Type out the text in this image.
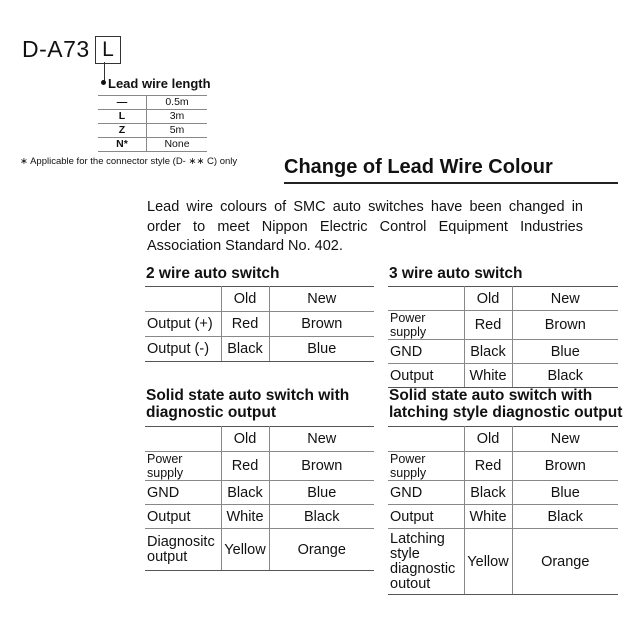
D-A73 L
Lead wire length
—	0.5m
L	3m
Z	5m
N*	None
∗ Applicable for the connector style (D- ∗∗ C) only Change of Lead Wire Colour
Lead wire colours of SMC auto switches have been changed in order to meet Nippon Electric Control Equipment Industries Association Standard No. 402.
2 wire auto switch
	Old	New
Output (+)	Red	Brown
Output (-)	Black	Blue
3 wire auto switch
	Old	New
Power supply	Red	Brown
GND	Black	Blue
Output	White	Black
Solid state auto switch with diagnostic output
	Old	New
Power supply	Red	Brown
GND	Black	Blue
Output	White	Black
Diagnositc output	Yellow	Orange
Solid state auto switch with latching style diagnostic output
	Old	New
Power supply	Red	Brown
GND	Black	Blue
Output	White	Black
Latching style diagnostic outout	Yellow	Orange
